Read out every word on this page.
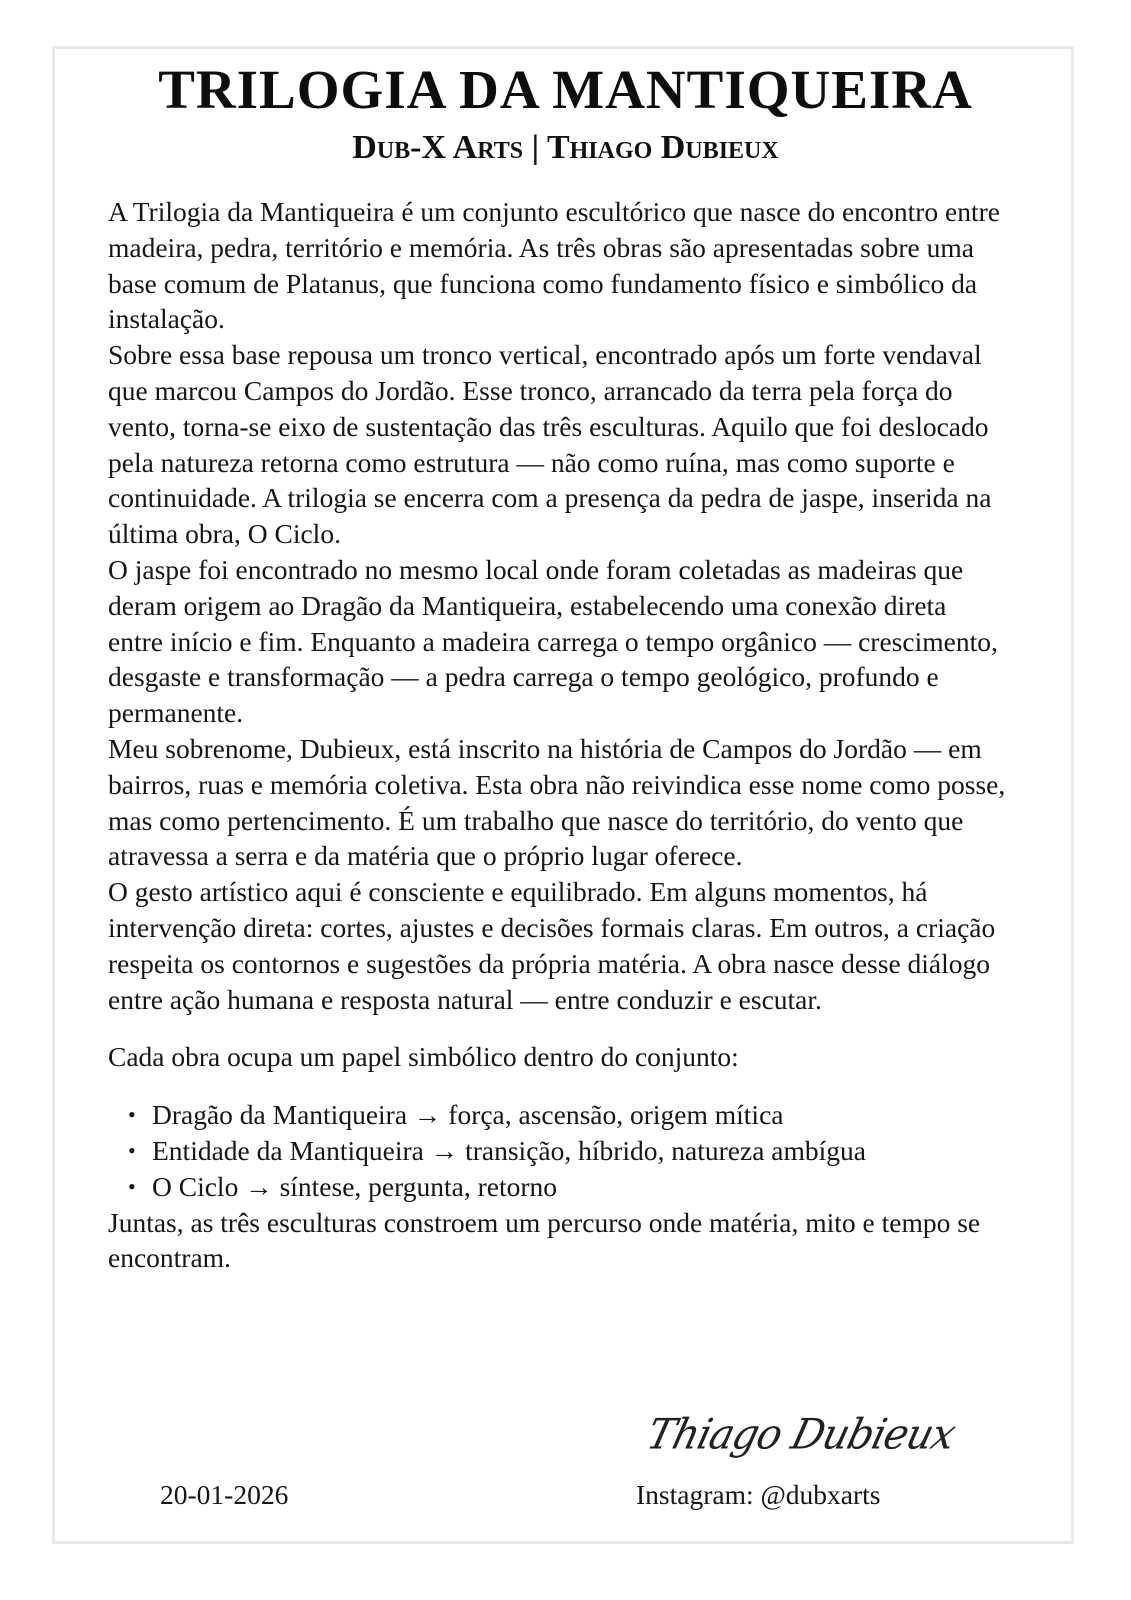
TRILOGIA DA MANTIQUEIRA
Dub-X Arts | Thiago Dubieux

A Trilogia da Mantiqueira é um conjunto escultórico que nasce do encontro entre madeira, pedra, território e memória. As três obras são apresentadas sobre uma base comum de Platanus, que funciona como fundamento físico e simbólico da instalação.

Sobre essa base repousa um tronco vertical, encontrado após um forte vendaval que marcou Campos do Jordão. Esse tronco, arrancado da terra pela força do vento, torna-se eixo de sustentação das três esculturas. Aquilo que foi deslocado pela natureza retorna como estrutura — não como ruína, mas como suporte e continuidade. A trilogia se encerra com a presença da pedra de jaspe, inserida na última obra, O Ciclo.

O jaspe foi encontrado no mesmo local onde foram coletadas as madeiras que deram origem ao Dragão da Mantiqueira, estabelecendo uma conexão direta entre início e fim. Enquanto a madeira carrega o tempo orgânico — crescimento, desgaste e transformação — a pedra carrega o tempo geológico, profundo e permanente.

Meu sobrenome, Dubieux, está inscrito na história de Campos do Jordão — em bairros, ruas e memória coletiva. Esta obra não reivindica esse nome como posse, mas como pertencimento. É um trabalho que nasce do território, do vento que atravessa a serra e da matéria que o próprio lugar oferece.

O gesto artístico aqui é consciente e equilibrado. Em alguns momentos, há intervenção direta: cortes, ajustes e decisões formais claras. Em outros, a criação respeita os contornos e sugestões da própria matéria. A obra nasce desse diálogo entre ação humana e resposta natural — entre conduzir e escutar.

Cada obra ocupa um papel simbólico dentro do conjunto:

• Dragão da Mantiqueira → força, ascensão, origem mítica
• Entidade da Mantiqueira → transição, híbrido, natureza ambígua
• O Ciclo → síntese, pergunta, retorno

Juntas, as três esculturas constroem um percurso onde matéria, mito e tempo se encontram.

Thiago Dubieux
20-01-2026	Instagram: @dubxarts
